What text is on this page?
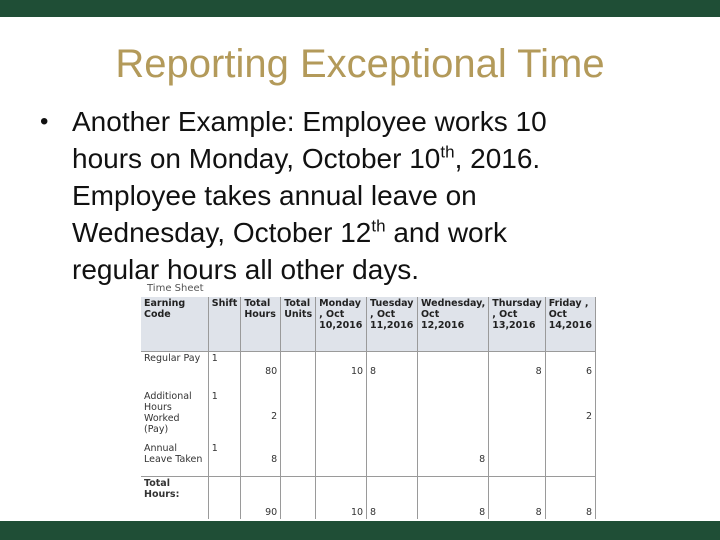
Reporting Exceptional Time
• Another Example: Employee works 10
hours on Monday, October 10th, 2016.
Employee takes annual leave on
Wednesday, October 12th and work
regular hours all other days.
Time Sheet
Earning Code	Shift	Total Hours	Total Units	Monday , Oct 10,2016	Tuesday , Oct 11,2016	Wednesday, Oct 12,2016	Thursday , Oct 13,2016	Friday , Oct 14,2016
Regular Pay	1	80		10	8		8	6
Additional Hours Worked (Pay)	1	2						2
Annual Leave Taken	1	8				8		
Total Hours:		90		10	8	8	8	8
